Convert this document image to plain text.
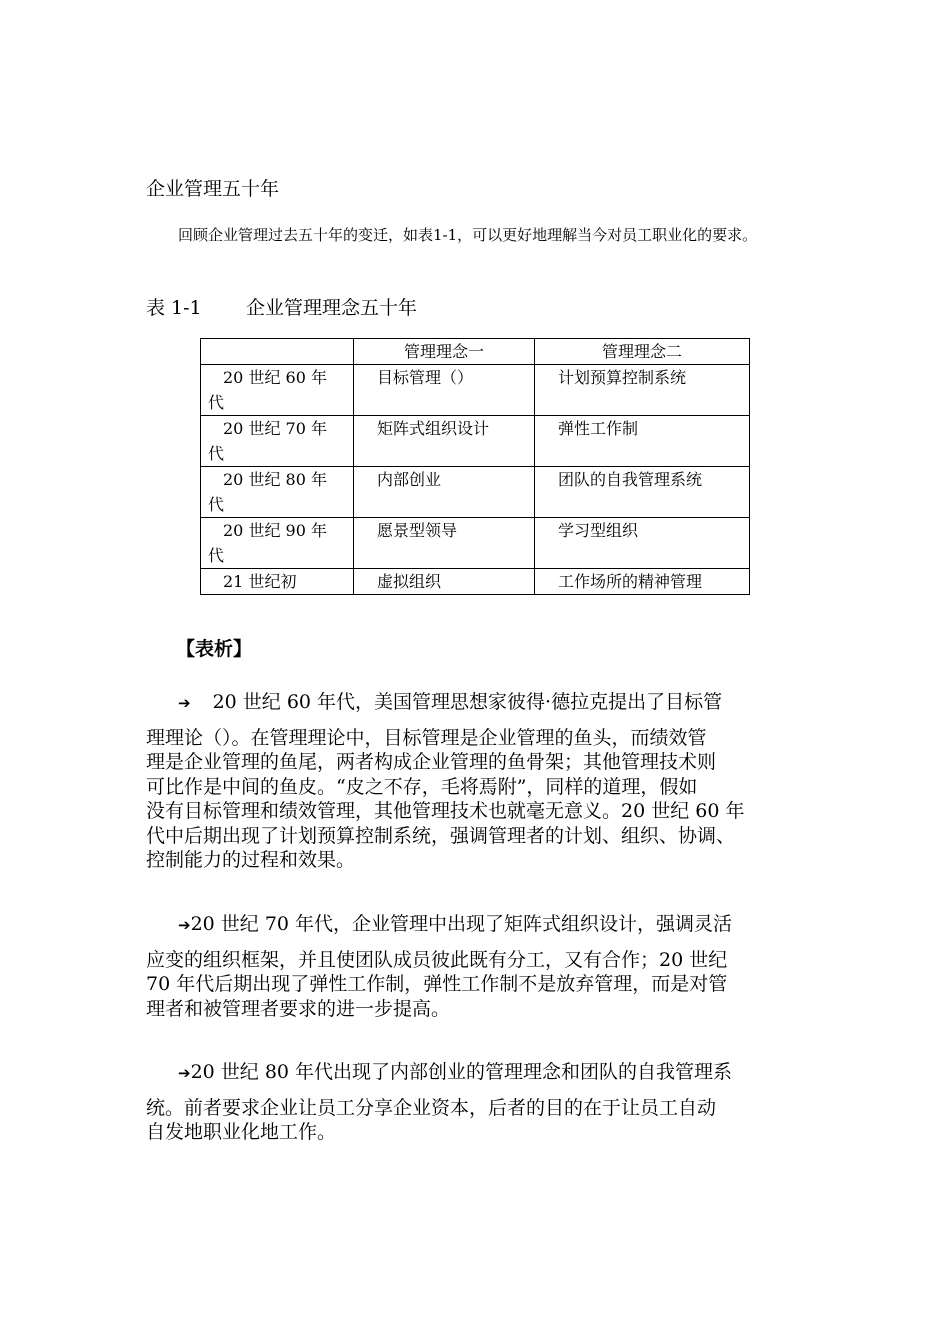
企业管理五十年
回顾企业管理过去五十年的变迁，如表1-1，可以更好地理解当今对员工职业化的要求。
表 1-1 企业管理理念五十年
	管理理念一	管理理念二

20 世纪 60 年
代	目标管理（）	计划预算控制系统

20 世纪 70 年
代	矩阵式组织设计	弹性工作制

20 世纪 80 年
代	内部创业	团队的自我管理系统

20 世纪 90 年
代	愿景型领导	学习型组织

21 世纪初	虚拟组织	工作场所的精神管理
【表析】
➔ 20 世纪 60 年代，美国管理思想家彼得·德拉克提出了目标管
理理论（）。在管理理论中，目标管理是企业管理的鱼头，而绩效管
理是企业管理的鱼尾，两者构成企业管理的鱼骨架；其他管理技术则
可比作是中间的鱼皮。“皮之不存，毛将焉附”，同样的道理，假如
没有目标管理和绩效管理，其他管理技术也就毫无意义。20 世纪 60 年
代中后期出现了计划预算控制系统，强调管理者的计划、组织、协调、
控制能力的过程和效果。
➔20 世纪 70 年代，企业管理中出现了矩阵式组织设计，强调灵活
应变的组织框架，并且使团队成员彼此既有分工，又有合作；20 世纪
70 年代后期出现了弹性工作制，弹性工作制不是放弃管理，而是对管
理者和被管理者要求的进一步提高。
➔20 世纪 80 年代出现了内部创业的管理理念和团队的自我管理系
统。前者要求企业让员工分享企业资本，后者的目的在于让员工自动
自发地职业化地工作。
